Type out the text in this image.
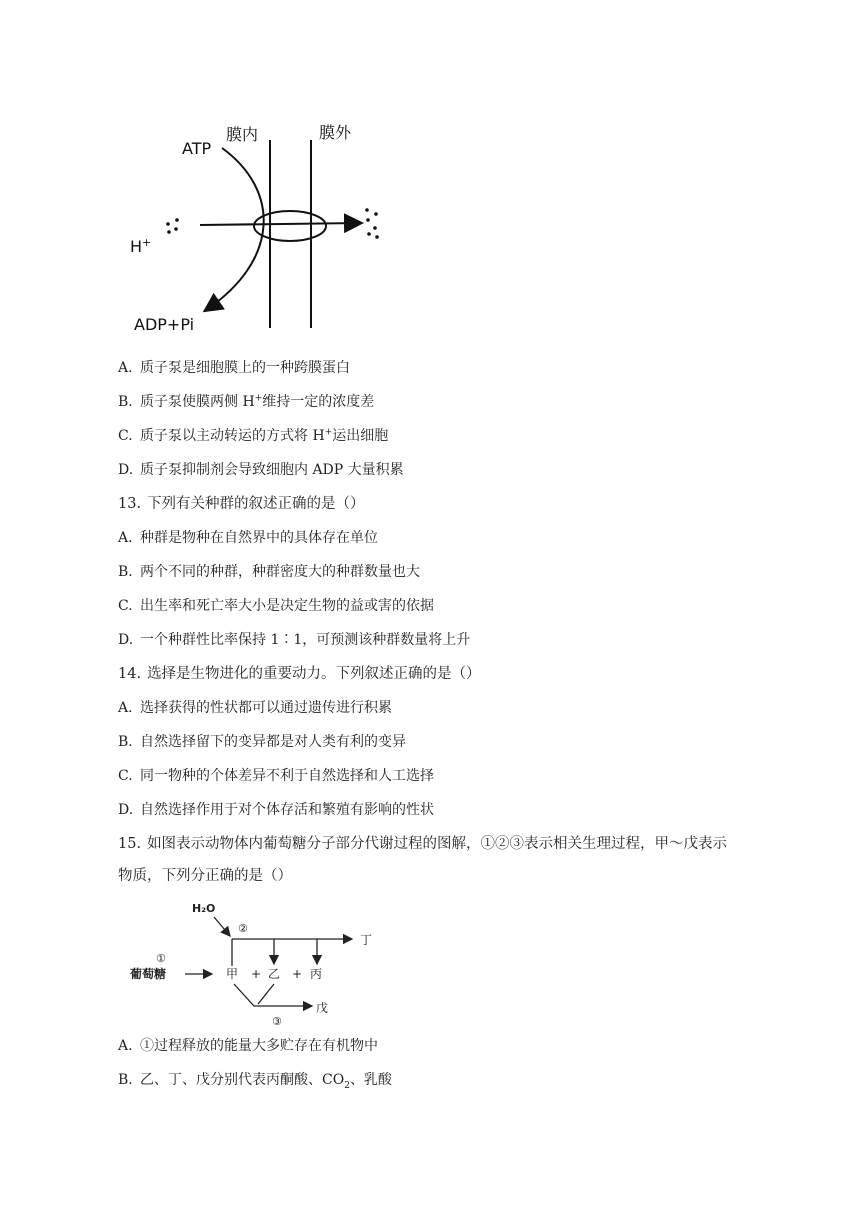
膜内	膜外
ATP
H+
ADP+Pi
A. 质子泵是细胞膜上的一种跨膜蛋白
B. 质子泵使膜两侧 H+维持一定的浓度差
C. 质子泵以主动转运的方式将 H+运出细胞
D. 质子泵抑制剂会导致细胞内 ADP 大量积累
13. 下列有关种群的叙述正确的是（）
A. 种群是物种在自然界中的具体存在单位
B. 两个不同的种群，种群密度大的种群数量也大
C. 出生率和死亡率大小是决定生物的益或害的依据
D. 一个种群性比率保持 1∶1，可预测该种群数量将上升
14. 选择是生物进化的重要动力。下列叙述正确的是（）
A. 选择获得的性状都可以通过遗传进行积累
B. 自然选择留下的变异都是对人类有利的变异
C. 同一物种的个体差异不利于自然选择和人工选择
D. 自然选择作用于对个体存活和繁殖有影响的性状
15. 如图表示动物体内葡萄糖分子部分代谢过程的图解，①②③表示相关生理过程，甲～戊表示
物质，下列分正确的是（）
H₂O
②
丁
①
葡萄糖	甲 + 乙 + 丙
戊
③
A. ①过程释放的能量大多贮存在有机物中
B. 乙、丁、戊分别代表丙酮酸、$CO_2$、乳酸
